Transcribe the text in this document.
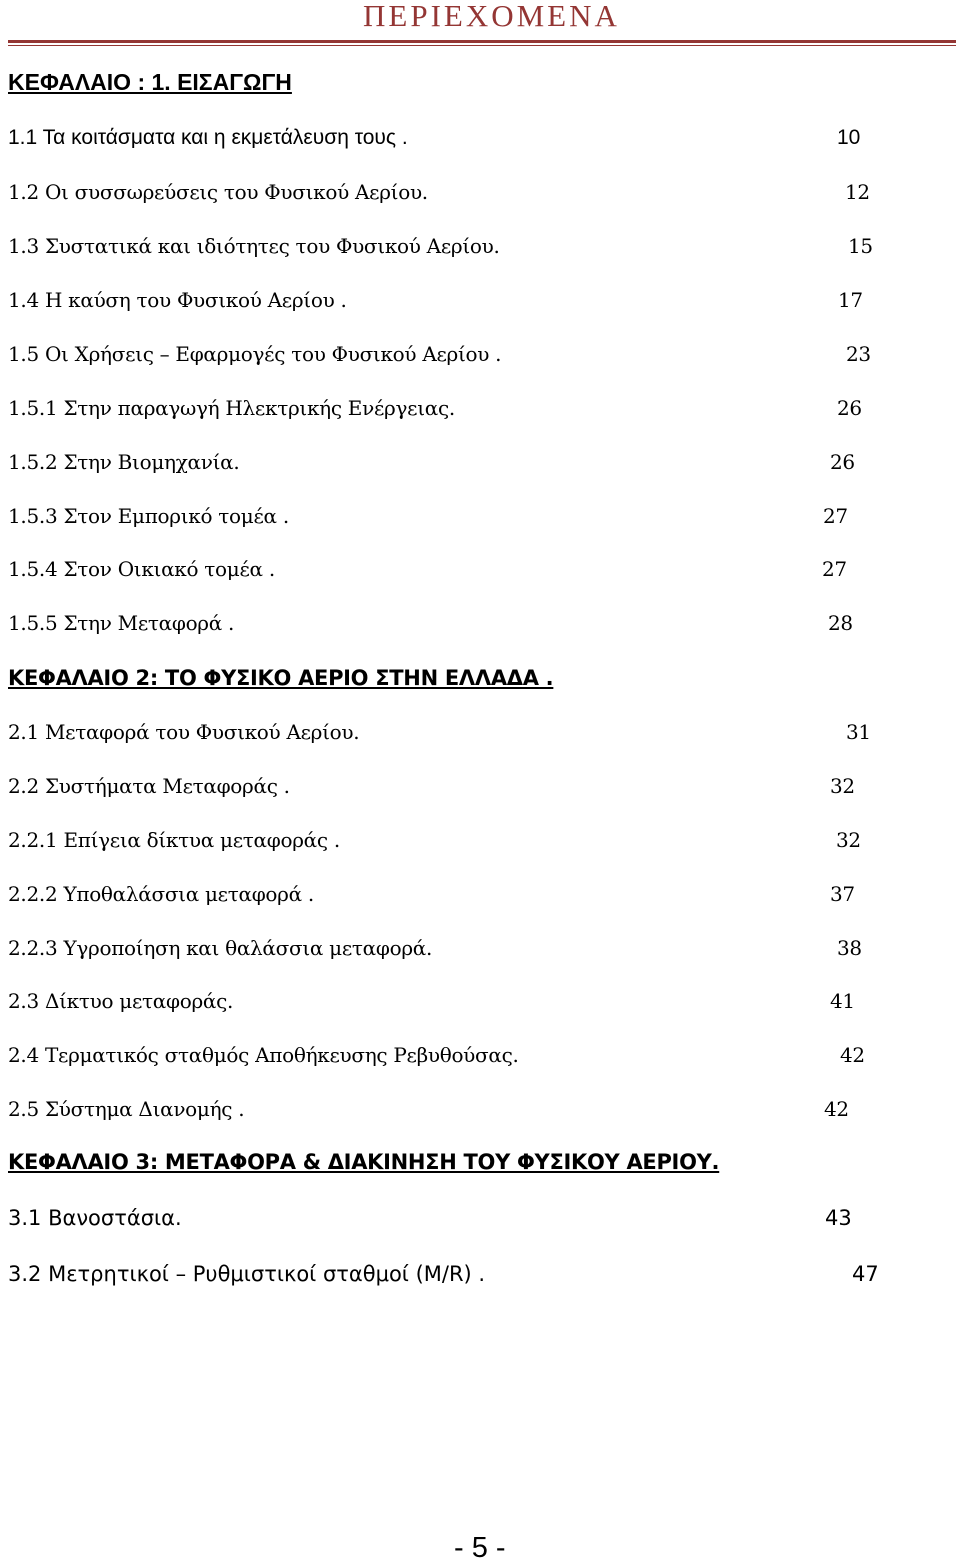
ΠΕΡΙΕΧΟΜΕΝΑ
ΚΕΦΑΛΑΙΟ : 1. ΕΙΣΑΓΩΓΗ
1.1 Τα κοιτάσματα και η εκμετάλευση τους .	10
1.2 Οι συσσωρεύσεις του Φυσικού Αερίου.	12
1.3 Συστατικά και ιδιότητες του Φυσικού Αερίου.	15
1.4 Η καύση του Φυσικού Αερίου .	17
1.5 Οι Χρήσεις – Εφαρμογές του Φυσικού Αερίου .	23
1.5.1 Στην παραγωγή Ηλεκτρικής Ενέργειας.	26
1.5.2 Στην Βιομηχανία.	26
1.5.3 Στον Εμπορικό τομέα .	27
1.5.4 Στον Οικιακό τομέα .	27
1.5.5 Στην Μεταφορά .	28
ΚΕΦΑΛΑΙΟ 2: ΤΟ ΦΥΣΙΚΟ ΑΕΡΙΟ ΣΤΗΝ ΕΛΛΑΔΑ .
2.1 Μεταφορά του Φυσικού Αερίου.	31
2.2 Συστήματα Μεταφοράς .	32
2.2.1 Επίγεια δίκτυα μεταφοράς .	32
2.2.2 Υποθαλάσσια μεταφορά .	37
2.2.3 Υγροποίηση και θαλάσσια μεταφορά.	38
2.3 Δίκτυο μεταφοράς.	41
2.4 Τερματικός σταθμός Αποθήκευσης Ρεβυθούσας.	42
2.5 Σύστημα Διανομής .	42
ΚΕΦΑΛΑΙΟ 3: ΜΕΤΑΦΟΡΑ & ΔΙΑΚΙΝΗΣΗ ΤΟΥ ΦΥΣΙΚΟΥ ΑΕΡΙΟΥ.
3.1 Βανοστάσια.	43
3.2 Μετρητικοί – Ρυθμιστικοί σταθμοί (M/R) .	47
- 5 -
